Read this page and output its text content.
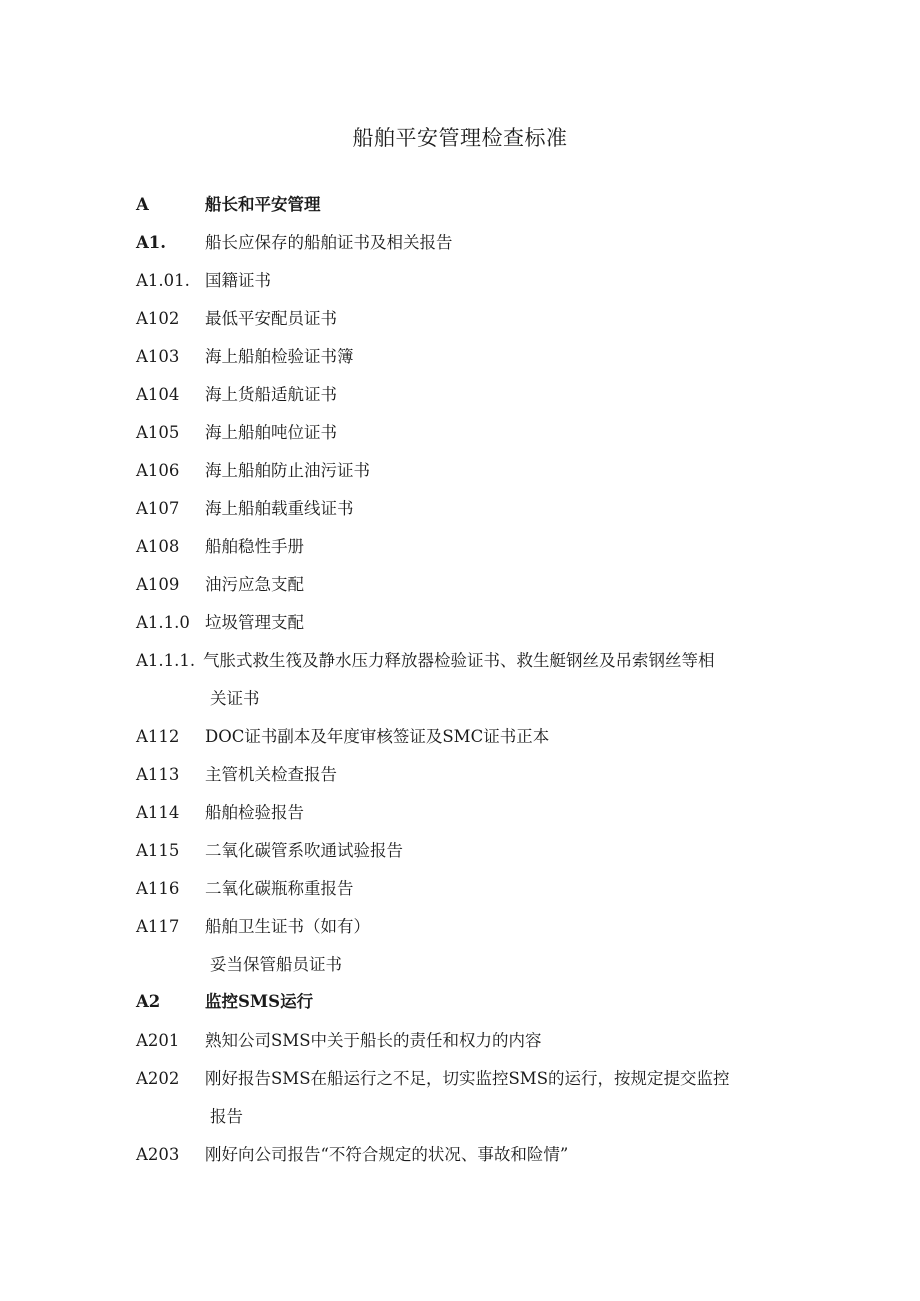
船舶平安管理检查标准
A	船长和平安管理
A1. 船长应保存的船舶证书及相关报告
A1.01. 国籍证书
A102 最低平安配员证书
A103 海上船舶检验证书簿
A104 海上货船适航证书
A105 海上船舶吨位证书
A106 海上船舶防止油污证书
A107 海上船舶载重线证书
A108 船舶稳性手册
A109 油污应急支配
A1.1.0 垃圾管理支配
A1.1.1. 气胀式救生筏及静水压力释放器检验证书、救生艇钢丝及吊索钢丝等相
关证书
A112 DOC证书副本及年度审核签证及SMC证书正本
A113 主管机关检查报告
A114 船舶检验报告
A115 二氧化碳管系吹通试验报告
A116 二氧化碳瓶称重报告
A117 船舶卫生证书（如有）
妥当保管船员证书
A2	监控SMS运行
A201 熟知公司SMS中关于船长的责任和权力的内容
A202 刚好报告SMS在船运行之不足，切实监控SMS的运行，按规定提交监控
报告
A203 刚好向公司报告“不符合规定的状况、事故和险情”
